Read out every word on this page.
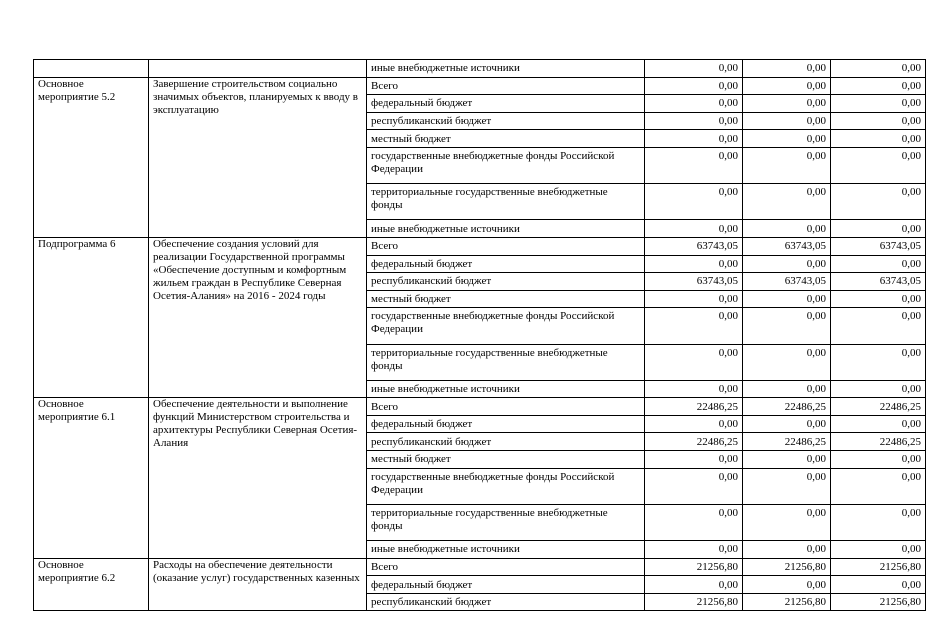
		иные внебюджетные источники	0,00	0,00	0,00
Основное мероприятие 5.2	Завершение строительством социально значимых объектов, планируемых к вводу в эксплуатацию	Всего	0,00	0,00	0,00
		федеральный бюджет	0,00	0,00	0,00
		республиканский бюджет	0,00	0,00	0,00
		местный бюджет	0,00	0,00	0,00
		государственные внебюджетные фонды Российской Федерации	0,00	0,00	0,00
		территориальные государственные внебюджетные фонды	0,00	0,00	0,00
		иные внебюджетные источники	0,00	0,00	0,00
Подпрограмма 6	Обеспечение создания условий для реализации Государственной программы «Обеспечение доступным и комфортным жильем граждан в Республике Северная Осетия-Алания» на 2016 - 2024 годы	Всего	63743,05	63743,05	63743,05
		федеральный бюджет	0,00	0,00	0,00
		республиканский бюджет	63743,05	63743,05	63743,05
		местный бюджет	0,00	0,00	0,00
		государственные внебюджетные фонды Российской Федерации	0,00	0,00	0,00
		территориальные государственные внебюджетные фонды	0,00	0,00	0,00
		иные внебюджетные источники	0,00	0,00	0,00
Основное мероприятие 6.1	Обеспечение деятельности и выполнение функций Министерством строительства и архитектуры Республики Северная Осетия-Алания	Всего	22486,25	22486,25	22486,25
		федеральный бюджет	0,00	0,00	0,00
		республиканский бюджет	22486,25	22486,25	22486,25
		местный бюджет	0,00	0,00	0,00
		государственные внебюджетные фонды Российской Федерации	0,00	0,00	0,00
		территориальные государственные внебюджетные фонды	0,00	0,00	0,00
		иные внебюджетные источники	0,00	0,00	0,00
Основное мероприятие 6.2	Расходы на обеспечение деятельности (оказание услуг) государственных казенных	Всего	21256,80	21256,80	21256,80
		федеральный бюджет	0,00	0,00	0,00
		республиканский бюджет	21256,80	21256,80	21256,80
